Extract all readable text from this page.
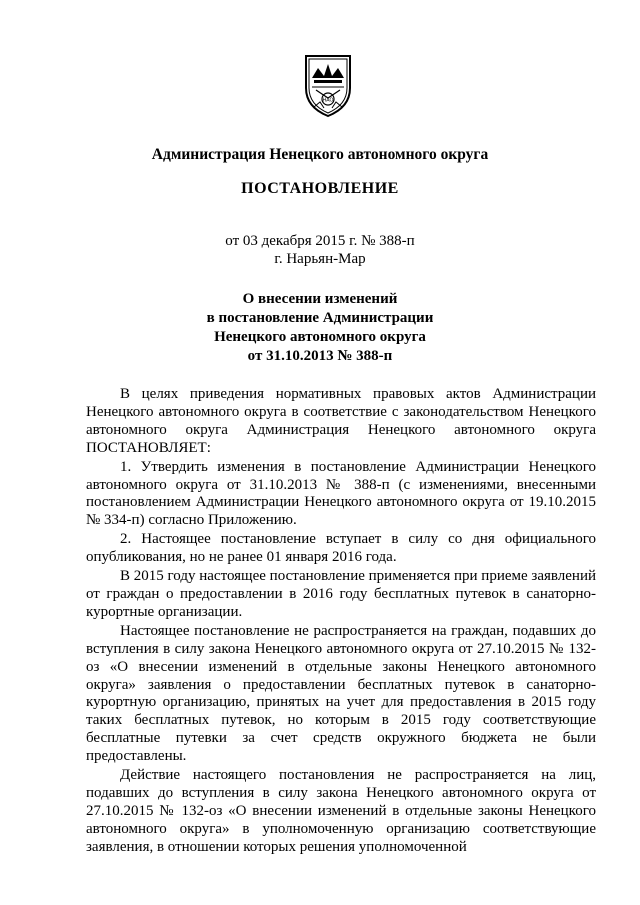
НАО
Администрация Ненецкого автономного округа
ПОСТАНОВЛЕНИЕ
от 03 декабря 2015 г. № 388-п
г. Нарьян-Мар
О внесении изменений
в постановление Администрации
Ненецкого автономного округа
от 31.10.2013 № 388-п

В целях приведения нормативных правовых актов Администрации Ненецкого автономного округа в соответствие с законодательством Ненецкого автономного округа Администрация Ненецкого автономного округа ПОСТАНОВЛЯЕТ:

1. Утвердить изменения в постановление Администрации Ненецкого автономного округа от 31.10.2013 № 388-п (с изменениями, внесенными постановлением Администрации Ненецкого автономного округа от 19.10.2015 № 334-п) согласно Приложению.

2. Настоящее постановление вступает в силу со дня официального опубликования, но не ранее 01 января 2016 года.

В 2015 году настоящее постановление применяется при приеме заявлений от граждан о предоставлении в 2016 году бесплатных путевок в санаторно-курортные организации.

Настоящее постановление не распространяется на граждан, подавших до вступления в силу закона Ненецкого автономного округа от 27.10.2015 № 132-оз «О внесении изменений в отдельные законы Ненецкого автономного округа» заявления о предоставлении бесплатных путевок в санаторно-курортную организацию, принятых на учет для предоставления в 2015 году таких бесплатных путевок, но которым в 2015 году соответствующие бесплатные путевки за счет средств окружного бюджета не были предоставлены.

Действие настоящего постановления не распространяется на лиц, подавших до вступления в силу закона Ненецкого автономного округа от 27.10.2015 № 132-оз «О внесении изменений в отдельные законы Ненецкого автономного округа» в уполномоченную организацию соответствующие заявления, в отношении которых решения уполномоченной
